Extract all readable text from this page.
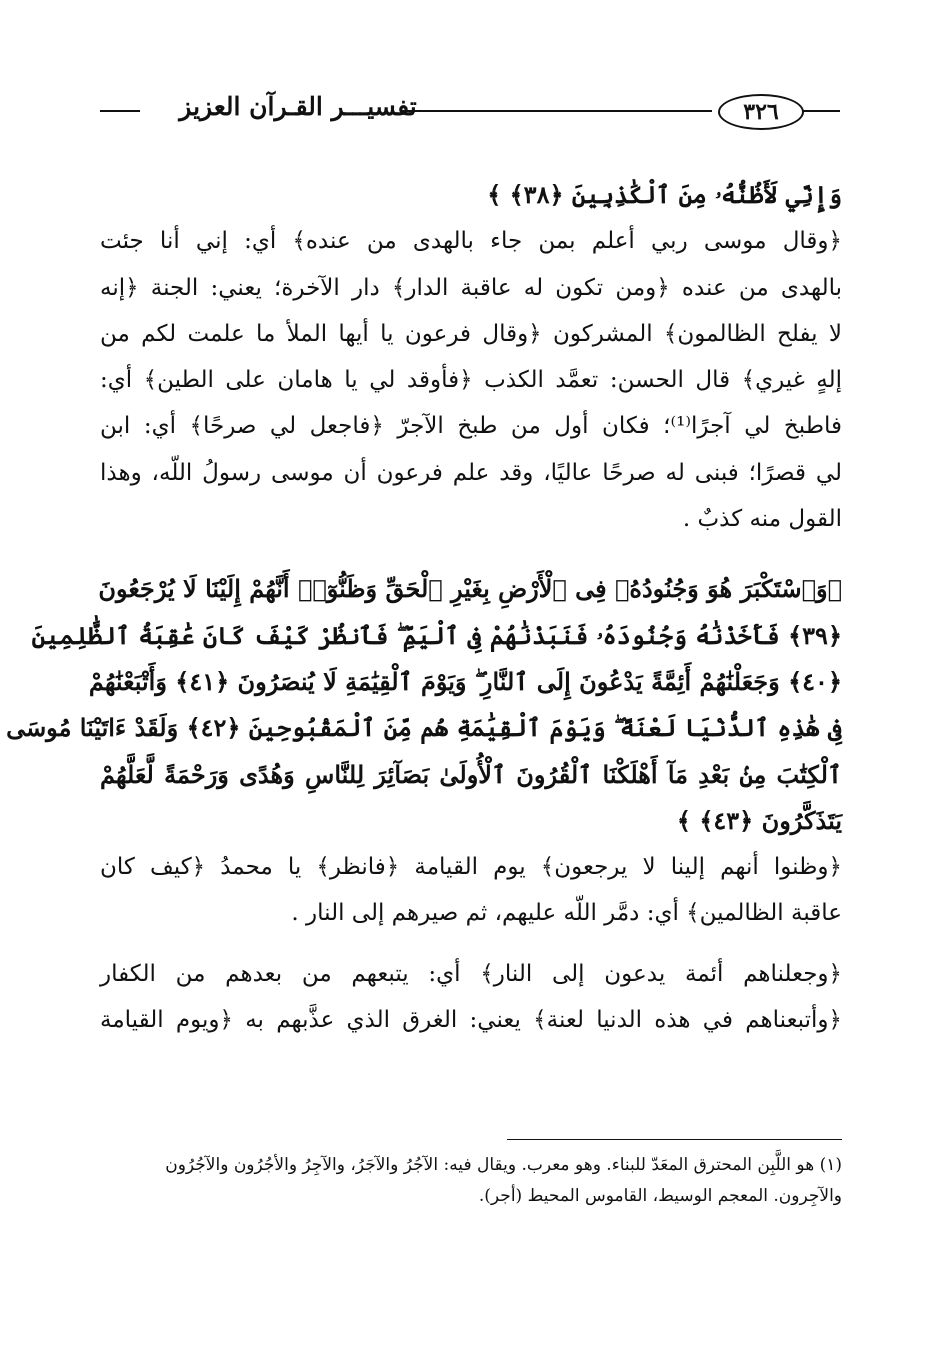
تفسيـــر القـرآن العزيز	٣٢٦
وَإِنِّي لَأَظُنُّهُۥ مِنَ ٱلْكَٰذِبِينَ ﴿٣٨﴾ ﴾
﴿وقال موسى ربي أعلم بمن جاء بالهدى من عنده﴾ أي: إني أنا جئت
بالهدى من عنده ﴿ومن تكون له عاقبة الدار﴾ دار الآخرة؛ يعني: الجنة ﴿إنه
لا يفلح الظالمون﴾ المشركون ﴿وقال فرعون يا أيها الملأ ما علمت لكم من
إلهٍ غيري﴾ قال الحسن: تعمَّد الكذب ﴿فأوقد لي يا هامان على الطين﴾ أي:
فاطبخ لي آجرًا⁽¹⁾؛ فكان أول من طبخ الآجرّ ﴿فاجعل لي صرحًا﴾ أي: ابن
لي قصرًا؛ فبنى له صرحًا عاليًا، وقد علم فرعون أن موسى رسولُ اللّه، وهذا
القول منه كذبٌ .
﴿وَٱسْتَكْبَرَ هُوَ وَجُنُودُهُۥ فِى ٱلْأَرْضِ بِغَيْرِ ٱلْحَقِّ وَظَنُّوٓا۟ أَنَّهُمْ إِلَيْنَا لَا يُرْجَعُونَ
﴿٣٩﴾ فَأَخَذْنَٰهُ وَجُنُودَهُۥ فَنَبَذْنَٰهُمْ فِى ٱلْيَمِّ ۖ فَٱنظُرْ كَيْفَ كَانَ عَٰقِبَةُ ٱلظَّٰلِمِينَ
﴿٤٠﴾ وَجَعَلْنَٰهُمْ أَئِمَّةً يَدْعُونَ إِلَى ٱلنَّارِ ۖ وَيَوْمَ ٱلْقِيَٰمَةِ لَا يُنصَرُونَ ﴿٤١﴾ وَأَتْبَعْنَٰهُمْ
فِى هَٰذِهِ ٱلدُّنْيَا لَعْنَةً ۖ وَيَوْمَ ٱلْقِيَٰمَةِ هُم مِّنَ ٱلْمَقْبُوحِينَ ﴿٤٢﴾ وَلَقَدْ ءَاتَيْنَا مُوسَى
ٱلْكِتَٰبَ مِنۢ بَعْدِ مَآ أَهْلَكْنَا ٱلْقُرُونَ ٱلْأُولَىٰ بَصَآئِرَ لِلنَّاسِ وَهُدًى وَرَحْمَةً لَّعَلَّهُمْ
يَتَذَكَّرُونَ ﴿٤٣﴾ ﴾
﴿وظنوا أنهم إلينا لا يرجعون﴾ يوم القيامة ﴿فانظر﴾ يا محمدُ ﴿كيف كان
عاقبة الظالمين﴾ أي: دمَّر اللّه عليهم، ثم صيرهم إلى النار .
﴿وجعلناهم أئمة يدعون إلى النار﴾ أي: يتبعهم من بعدهم من الكفار
﴿وأتبعناهم في هذه الدنيا لعنة﴾ يعني: الغرق الذي عذَّبهم به ﴿ويوم القيامة
(١) هو اللَّبِن المحترق المعَدّ للبناء. وهو معرب. ويقال فيه: الآجُرُ والآجَرُ، والآجِرُ والأجُرُون والآجُرُون
والآجِرون. المعجم الوسيط، القاموس المحيط (أجر).
